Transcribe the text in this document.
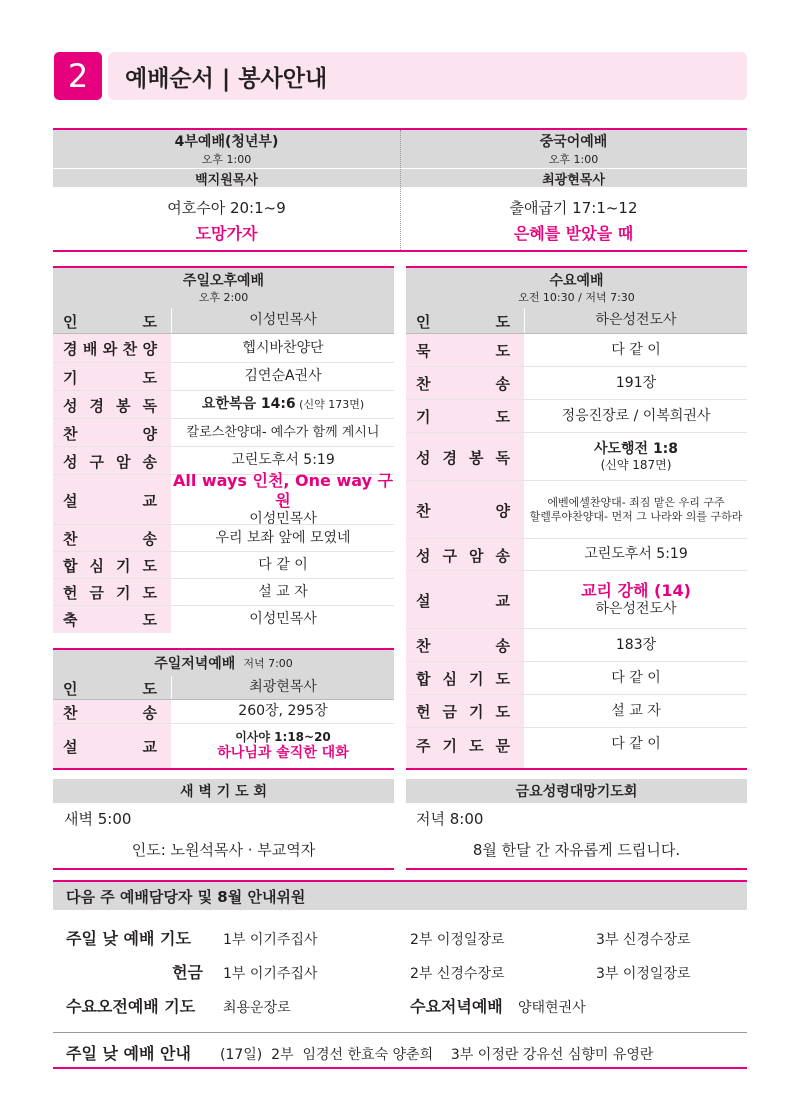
2	예배순서 | 봉사안내
4부예배(청년부)
오후 1:00
백지원목사
여호수아 20:1~9
도망가자
중국어예배
오후 1:00
최광현목사
출애굽기 17:1~12
은혜를 받았을 때
주일오후예배
오후 2:00
인	도	이성민목사
경 배 와 찬 양	헵시바찬양단
기	도	김연순A권사
성 경 봉 독	요한복음 14:6 (신약 173면)
찬	양 칼로스찬양대- 예수가 함께 계시니
성 구 암 송	고린도후서 5:19
설	교
All ways 인천, One way 구원
이성민목사
찬	송	우리 보좌 앞에 모였네
합 심 기 도	다 같 이
헌 금 기 도	설 교 자
축	도	이성민목사
주일저녁예배 저녁 7:00
인	도	최광현목사
찬	송	260장, 295장
설	교
이사야 1:18~20
하나님과 솔직한 대화
수요예배
오전 10:30 / 저녁 7:30
인	도	하은성전도사
묵	도	다 같 이
찬	송	191장
기	도	정응진장로 / 이복희권사
성 경 봉 독	사도행전 1:8
(신약 187면)
찬	양	에벤에셀찬양대- 죄짐 맡은 우리 구주
할렐루야찬양대- 먼저 그 나라와 의를 구하라
성 구 암 송	고린도후서 5:19
설	교
교리 강해 (14)
하은성전도사
찬	송	183장
합 심 기 도	다 같 이
헌 금 기 도	설 교 자
주 기 도 문	다 같 이
새 벽 기 도 회
새벽 5:00
인도: 노원석목사 · 부교역자
금요성령대망기도회
저녁 8:00
8월 한달 간 자유롭게 드립니다.
다음 주 예배담당자 및 8월 안내위원
주일 낮 예배 기도 1부 이기주집사	2부 이정일장로	3부 신경수장로
헌금 1부 이기주집사	2부 신경수장로	3부 이정일장로
수요오전예배 기도 최용운장로	수요저녁예배 양태현권사
주일 낮 예배 안내 (17일)  2부  임경선 한효숙 양춘희    3부 이정란 강유선 심향미 유영란
